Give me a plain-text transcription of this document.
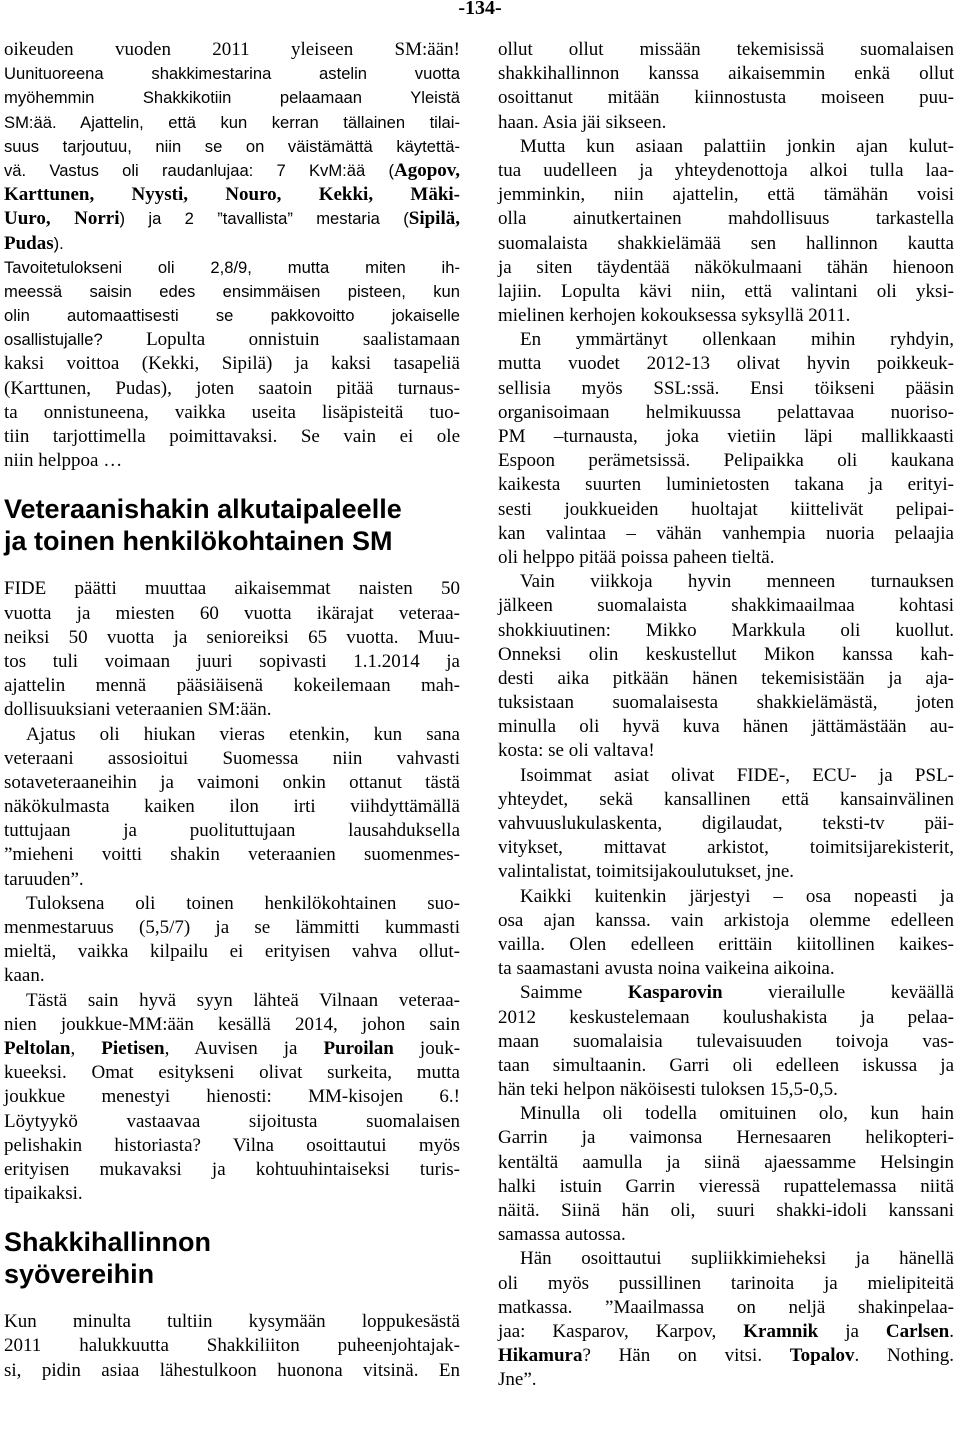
-134-
oikeuden vuoden 2011 yleiseen SM:ään!
Uunituoreena shakkimestarina astelin vuotta
myöhemmin Shakkikotiin pelaamaan Yleistä
SM:ää. Ajattelin, että kun kerran tällainen tilai-
suus tarjoutuu, niin se on väistämättä käytettä-
vä. Vastus oli raudanlujaa: 7 KvM:ää (Agopov,
Karttunen, Nyysti, Nouro, Kekki, Mäki-
Uuro, Norri) ja 2 ”tavallista” mestaria (Sipilä,
Pudas).
Tavoitetulokseni oli 2,8/9, mutta miten ih-
meessä saisin edes ensimmäisen pisteen, kun
olin automaattisesti se pakkovoitto jokaiselle
osallistujalle? Lopulta onnistuin saalistamaan
kaksi voittoa (Kekki, Sipilä) ja kaksi tasapeliä
(Karttunen, Pudas), joten saatoin pitää turnaus-
ta onnistuneena, vaikka useita lisäpisteitä tuo-
tiin tarjottimella poimittavaksi. Se vain ei ole
niin helppoa …
Veteraanishakin alkutaipaleelle
ja toinen henkilökohtainen SM
FIDE päätti muuttaa aikaisemmat naisten 50
vuotta ja miesten 60 vuotta ikärajat veteraa-
neiksi 50 vuotta ja senioreiksi 65 vuotta. Muu-
tos tuli voimaan juuri sopivasti 1.1.2014 ja
ajattelin mennä pääsiäisenä kokeilemaan mah-
dollisuuksiani veteraanien SM:ään.
Ajatus oli hiukan vieras etenkin, kun sana
veteraani assosioitui Suomessa niin vahvasti
sotaveteraaneihin ja vaimoni onkin ottanut tästä
näkökulmasta kaiken ilon irti viihdyttämällä
tuttujaan ja puolituttujaan lausahduksella
”mieheni voitti shakin veteraanien suomenmes-
taruuden”.
Tuloksena oli toinen henkilökohtainen suo-
menmestaruus (5,5/7) ja se lämmitti kummasti
mieltä, vaikka kilpailu ei erityisen vahva ollut-
kaan.
Tästä sain hyvä syyn lähteä Vilnaan veteraa-
nien joukkue-MM:ään kesällä 2014, johon sain
Peltolan, Pietisen, Auvisen ja Puroilan jouk-
kueeksi. Omat esitykseni olivat surkeita, mutta
joukkue menestyi hienosti: MM-kisojen 6.!
Löytyykö vastaavaa sijoitusta suomalaisen
pelishakin historiasta? Vilna osoittautui myös
erityisen mukavaksi ja kohtuuhintaiseksi turis-
tipaikaksi.
Shakkihallinnon
syövereihin
Kun minulta tultiin kysymään loppukesästä
2011 halukkuutta Shakkiliiton puheenjohtajak-
si, pidin asiaa lähestulkoon huonona vitsinä. En
ollut ollut missään tekemisissä suomalaisen
shakkihallinnon kanssa aikaisemmin enkä ollut
osoittanut mitään kiinnostusta moiseen puu-
haan. Asia jäi sikseen.
Mutta kun asiaan palattiin jonkin ajan kulut-
tua uudelleen ja yhteydenottoja alkoi tulla laa-
jemminkin, niin ajattelin, että tämähän voisi
olla ainutkertainen mahdollisuus tarkastella
suomalaista shakkielämää sen hallinnon kautta
ja siten täydentää näkökulmaani tähän hienoon
lajiin. Lopulta kävi niin, että valintani oli yksi-
mielinen kerhojen kokouksessa syksyllä 2011.
En ymmärtänyt ollenkaan mihin ryhdyin,
mutta vuodet 2012-13 olivat hyvin poikkeuk-
sellisia myös SSL:ssä. Ensi töikseni pääsin
organisoimaan helmikuussa pelattavaa nuoriso-
PM –turnausta, joka vietiin läpi mallikkaasti
Espoon perämetsissä. Pelipaikka oli kaukana
kaikesta suurten luminietosten takana ja erityi-
sesti joukkueiden huoltajat kiittelivät pelipai-
kan valintaa – vähän vanhempia nuoria pelaajia
oli helppo pitää poissa paheen tieltä.
Vain viikkoja hyvin menneen turnauksen
jälkeen suomalaista shakkimaailmaa kohtasi
shokkiuutinen: Mikko Markkula oli kuollut.
Onneksi olin keskustellut Mikon kanssa kah-
desti aika pitkään hänen tekemisistään ja aja-
tuksistaan suomalaisesta shakkielämästä, joten
minulla oli hyvä kuva hänen jättämästään au-
kosta: se oli valtava!
Isoimmat asiat olivat FIDE-, ECU- ja PSL-
yhteydet, sekä kansallinen että kansainvälinen
vahvuuslukulaskenta, digilaudat, teksti-tv päi-
vitykset, mittavat arkistot, toimitsijarekisterit,
valintalistat, toimitsijakoulutukset, jne.
Kaikki kuitenkin järjestyi – osa nopeasti ja
osa ajan kanssa. vain arkistoja olemme edelleen
vailla. Olen edelleen erittäin kiitollinen kaikes-
ta saamastani avusta noina vaikeina aikoina.
Saimme Kasparovin vierailulle keväällä
2012 keskustelemaan koulushakista ja pelaa-
maan suomalaisia tulevaisuuden toivoja vas-
taan simultaanin. Garri oli edelleen iskussa ja
hän teki helpon näköisesti tuloksen 15,5-0,5.
Minulla oli todella omituinen olo, kun hain
Garrin ja vaimonsa Hernesaaren helikopteri-
kentältä aamulla ja siinä ajaessamme Helsingin
halki istuin Garrin vieressä rupattelemassa niitä
näitä. Siinä hän oli, suuri shakki-idoli kanssani
samassa autossa.
Hän osoittautui supliikkimieheksi ja hänellä
oli myös pussillinen tarinoita ja mielipiteitä
matkassa. ”Maailmassa on neljä shakinpelaa-
jaa: Kasparov, Karpov, Kramnik ja Carlsen.
Hikamura? Hän on vitsi. Topalov. Nothing.
Jne”.
